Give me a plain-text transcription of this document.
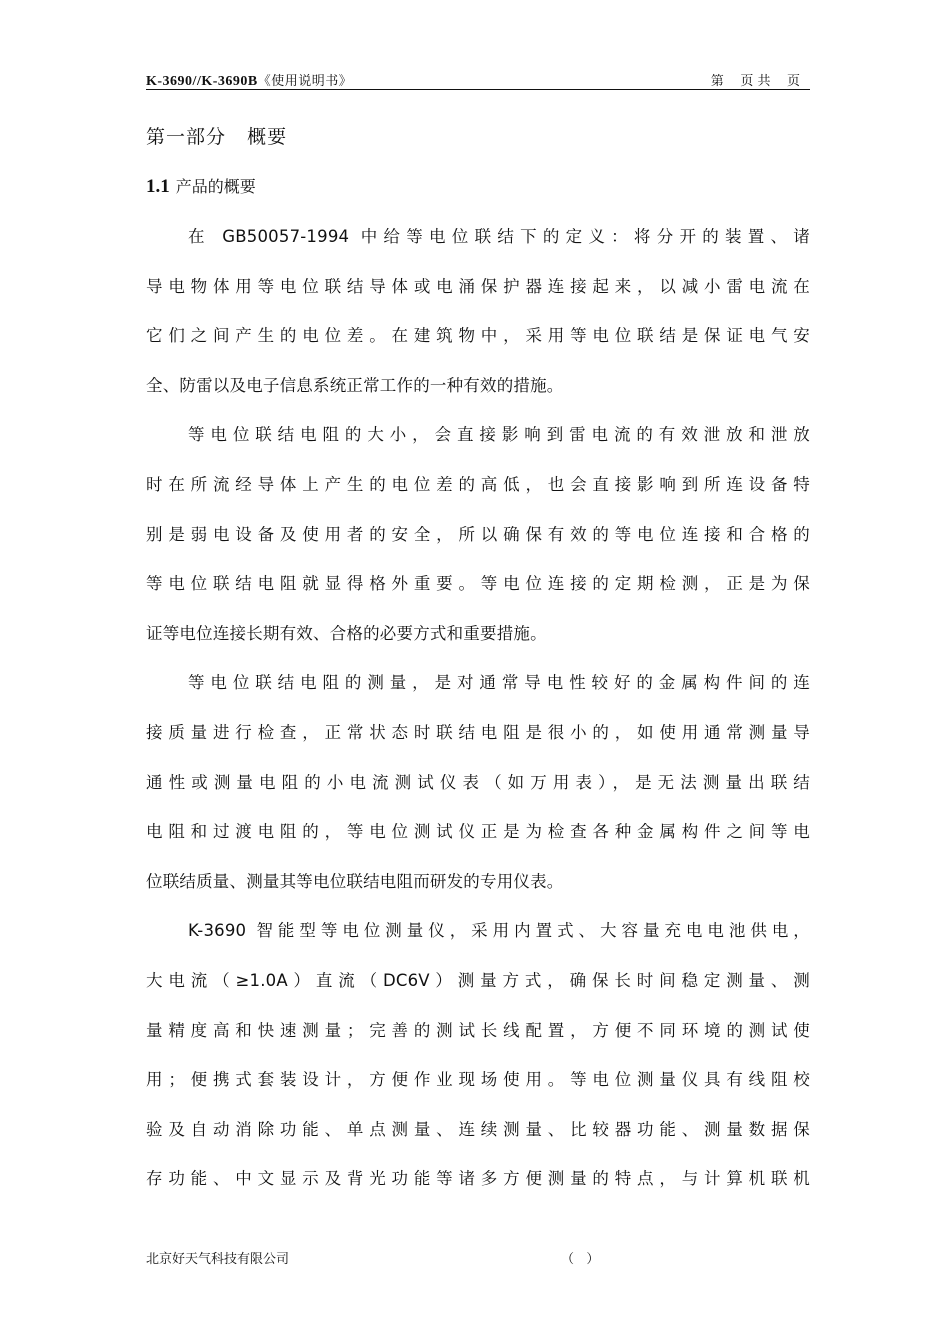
K-3690//K-3690B《使用说明书》	第    页 共    页
第一部分   概要
1.1 产品的概要
在 GB50057-1994 中给等电位联结下的定义：将分开的装置、诸
导电物体用等电位联结导体或电涌保护器连接起来，以减小雷电流在
它们之间产生的电位差。在建筑物中，采用等电位联结是保证电气安
全、防雷以及电子信息系统正常工作的一种有效的措施。
等电位联结电阻的大小，会直接影响到雷电流的有效泄放和泄放
时在所流经导体上产生的电位差的高低，也会直接影响到所连设备特
别是弱电设备及使用者的安全，所以确保有效的等电位连接和合格的
等电位联结电阻就显得格外重要。等电位连接的定期检测，正是为保
证等电位连接长期有效、合格的必要方式和重要措施。
等电位联结电阻的测量，是对通常导电性较好的金属构件间的连
接质量进行检查，正常状态时联结电阻是很小的，如使用通常测量导
通性或测量电阻的小电流测试仪表（如万用表），是无法测量出联结
电阻和过渡电阻的，等电位测试仪正是为检查各种金属构件之间等电
位联结质量、测量其等电位联结电阻而研发的专用仪表。
K-3690 智能型等电位测量仪，采用内置式、大容量充电电池供电，
大电流（≥1.0A）直流（DC6V）测量方式，确保长时间稳定测量、测
量精度高和快速测量；完善的测试长线配置，方便不同环境的测试使
用；便携式套装设计，方便作业现场使用。等电位测量仪具有线阻校
验及自动消除功能、单点测量、连续测量、比较器功能、测量数据保
存功能、中文显示及背光功能等诸多方便测量的特点，与计算机联机
北京好天气科技有限公司	（   ）
